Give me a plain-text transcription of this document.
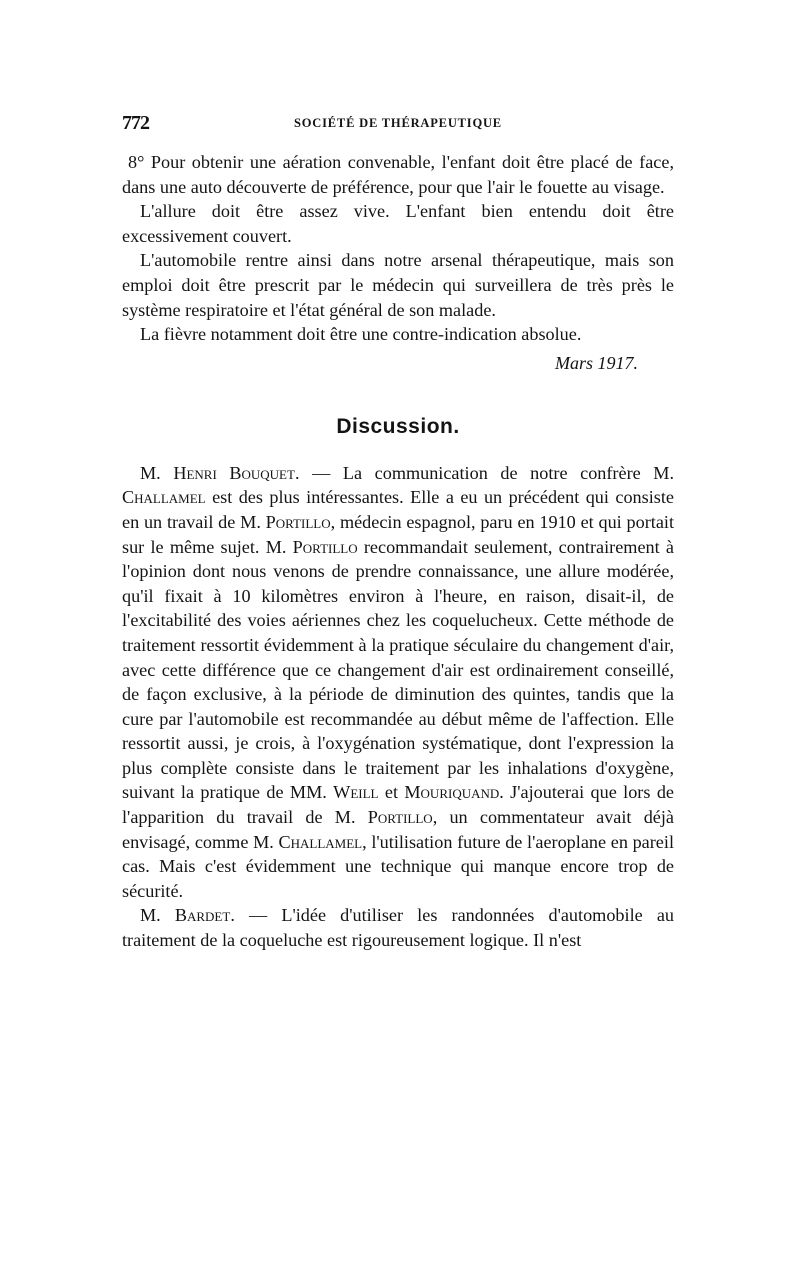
772	SOCIÉTÉ DE THÉRAPEUTIQUE

8° Pour obtenir une aération convenable, l'enfant doit être placé de face, dans une auto découverte de préférence, pour que l'air le fouette au visage.

L'allure doit être assez vive. L'enfant bien entendu doit être excessivement couvert.

L'automobile rentre ainsi dans notre arsenal thérapeutique, mais son emploi doit être prescrit par le médecin qui surveillera de très près le système respiratoire et l'état général de son malade.

La fièvre notamment doit être une contre-indication absolue.

Mars 1917.
Discussion.

M. Henri Bouquet. — La communication de notre confrère M. Challamel est des plus intéressantes. Elle a eu un précédent qui consiste en un travail de M. Portillo, médecin espagnol, paru en 1910 et qui portait sur le même sujet. M. Portillo recommandait seulement, contrairement à l'opinion dont nous venons de prendre connaissance, une allure modérée, qu'il fixait à 10 kilomètres environ à l'heure, en raison, disait-il, de l'excitabilité des voies aériennes chez les coquelucheux. Cette méthode de traitement ressortit évidemment à la pratique séculaire du changement d'air, avec cette différence que ce changement d'air est ordinairement conseillé, de façon exclusive, à la période de diminution des quintes, tandis que la cure par l'automobile est recommandée au début même de l'affection. Elle ressortit aussi, je crois, à l'oxygénation systématique, dont l'expression la plus complète consiste dans le traitement par les inhalations d'oxygène, suivant la pratique de MM. Weill et Mouriquand. J'ajouterai que lors de l'apparition du travail de M. Portillo, un commentateur avait déjà envisagé, comme M. Challamel, l'utilisation future de l'aeroplane en pareil cas. Mais c'est évidemment une technique qui manque encore trop de sécurité.

M. Bardet. — L'idée d'utiliser les randonnées d'automobile au traitement de la coqueluche est rigoureusement logique. Il n'est
